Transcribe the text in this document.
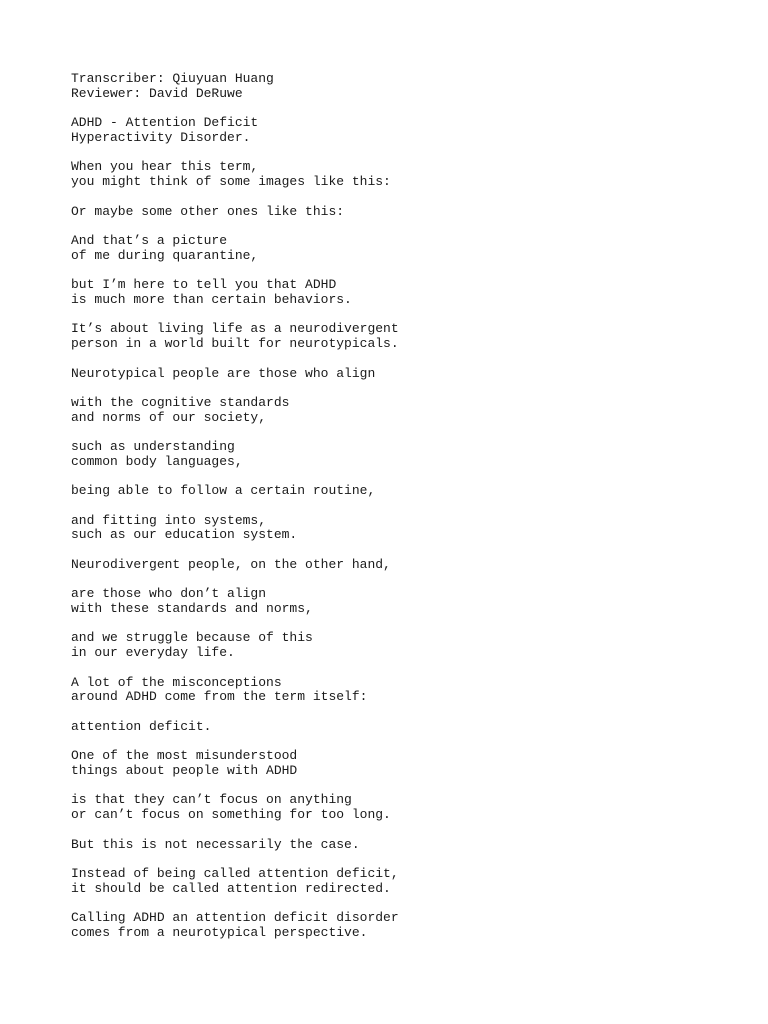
Transcriber: Qiuyuan Huang
Reviewer: David DeRuwe
ADHD - Attention Deficit
Hyperactivity Disorder.
When you hear this term,
you might think of some images like this:
Or maybe some other ones like this:
And that’s a picture
of me during quarantine,
but I’m here to tell you that ADHD
is much more than certain behaviors.
It’s about living life as a neurodivergent
person in a world built for neurotypicals.
Neurotypical people are those who align
with the cognitive standards
and norms of our society,
such as understanding
common body languages,
being able to follow a certain routine,
and fitting into systems,
such as our education system.
Neurodivergent people, on the other hand,
are those who don’t align
with these standards and norms,
and we struggle because of this
in our everyday life.
A lot of the misconceptions
around ADHD come from the term itself:
attention deficit.
One of the most misunderstood
things about people with ADHD
is that they can’t focus on anything
or can’t focus on something for too long.
But this is not necessarily the case.
Instead of being called attention deficit,
it should be called attention redirected.
Calling ADHD an attention deficit disorder
comes from a neurotypical perspective.
